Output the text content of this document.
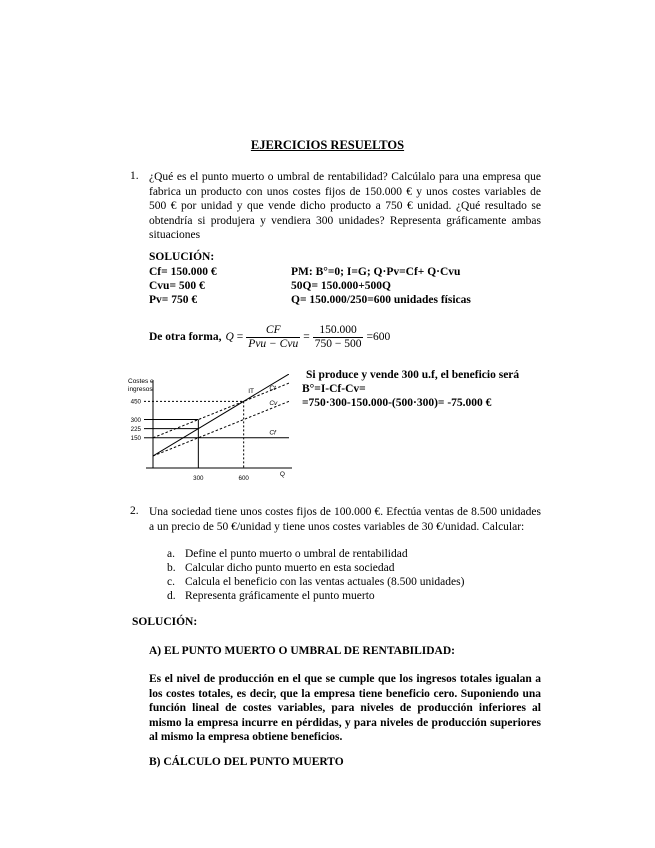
EJERCICIOS RESUELTOS
1. ¿Qué es el punto muerto o umbral de rentabilidad? Calcúlalo para una empresa que fabrica un producto con unos costes fijos de 150.000 € y unos costes variables de 500 € por unidad y que vende dicho producto a 750 € unidad. ¿Qué resultado se obtendría si produjera y vendiera 300 unidades? Representa gráficamente ambas situaciones
SOLUCIÓN:
Cf= 150.000 €
Cvu= 500 €
Pv= 750 €
PM: B°=0; I=G; Q·Pv=Cf+ Q·Cvu
50Q= 150.000+500Q
Q= 150.000/250=600 unidades físicas
De otra forma, $Q = \frac{CF}{\text{Pvu − Cvu}} = \frac{150.000}{750 - 500} = 600$
Costes e
ingresos
450
300
225
150
300	600
IT Ct
Cv
Cf
Q
Si produce y vende 300 u.f, el beneficio será
B°=I-Cf-Cv=
=750·300-150.000-(500·300)= -75.000 €
2. Una sociedad tiene unos costes fijos de 100.000 €. Efectúa ventas de 8.500 unidades a un precio de 50 €/unidad y tiene unos costes variables de 30 €/unidad. Calcular:
a. Define el punto muerto o umbral de rentabilidad
b. Calcular dicho punto muerto en esta sociedad
c. Calcula el beneficio con las ventas actuales (8.500 unidades)
d. Representa gráficamente el punto muerto
SOLUCIÓN:
A) EL PUNTO MUERTO O UMBRAL DE RENTABILIDAD:
Es el nivel de producción en el que se cumple que los ingresos totales igualan a los costes totales, es decir, que la empresa tiene beneficio cero. Suponiendo una función lineal de costes variables, para niveles de producción inferiores al mismo la empresa incurre en pérdidas, y para niveles de producción superiores al mismo la empresa obtiene beneficios.
B) CÁLCULO DEL PUNTO MUERTO
